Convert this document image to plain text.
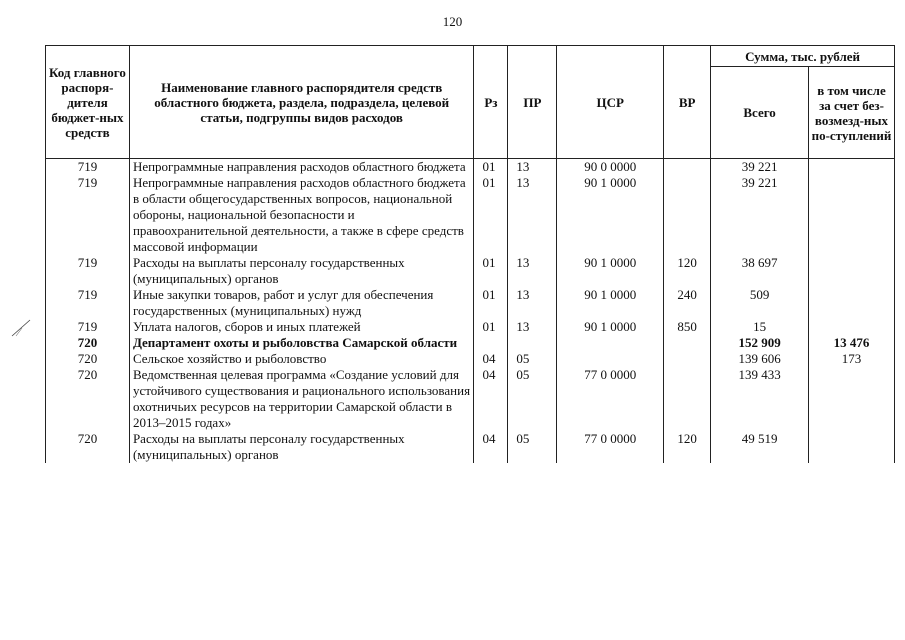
120
Код главного распоря-дителя бюджет-ных средств	Наименование главного распорядителя средств областного бюджета, раздела, подраздела, целевой статьи, подгруппы видов расходов	Рз	ПР	ЦСР	ВР	Сумма, тыс. рублей	
						Всего	в том числе за счет без-возмезд-ных по-ступлений
719	Непрограммные направления расходов областного бюджета	01	13	90 0 0000		39 221	
719	Непрограммные направления расходов областного бюджета в области общегосударственных вопросов, национальной обороны, национальной безопасности и правоохранительной деятельности, а также в сфере средств массовой информации	01	13	90 1 0000		39 221	
719	Расходы на выплаты персоналу государственных (муниципальных) органов	01	13	90 1 0000	120	38 697	
719	Иные закупки товаров, работ и услуг для обеспечения государственных (муниципальных) нужд	01	13	90 1 0000	240	509	
719	Уплата налогов, сборов и иных платежей	01	13	90 1 0000	850	15	
720	Департамент охоты и рыболовства Самарской области					152 909	13 476
720	Сельское хозяйство и рыболовство	04	05			139 606	173
720	Ведомственная целевая программа «Создание условий для устойчивого существования и рационального использования охотничьих ресурсов на территории Самарской области в 2013–2015 годах»	04	05	77 0 0000		139 433	
720	Расходы на выплаты персоналу государственных (муниципальных) органов	04	05	77 0 0000	120	49 519	
